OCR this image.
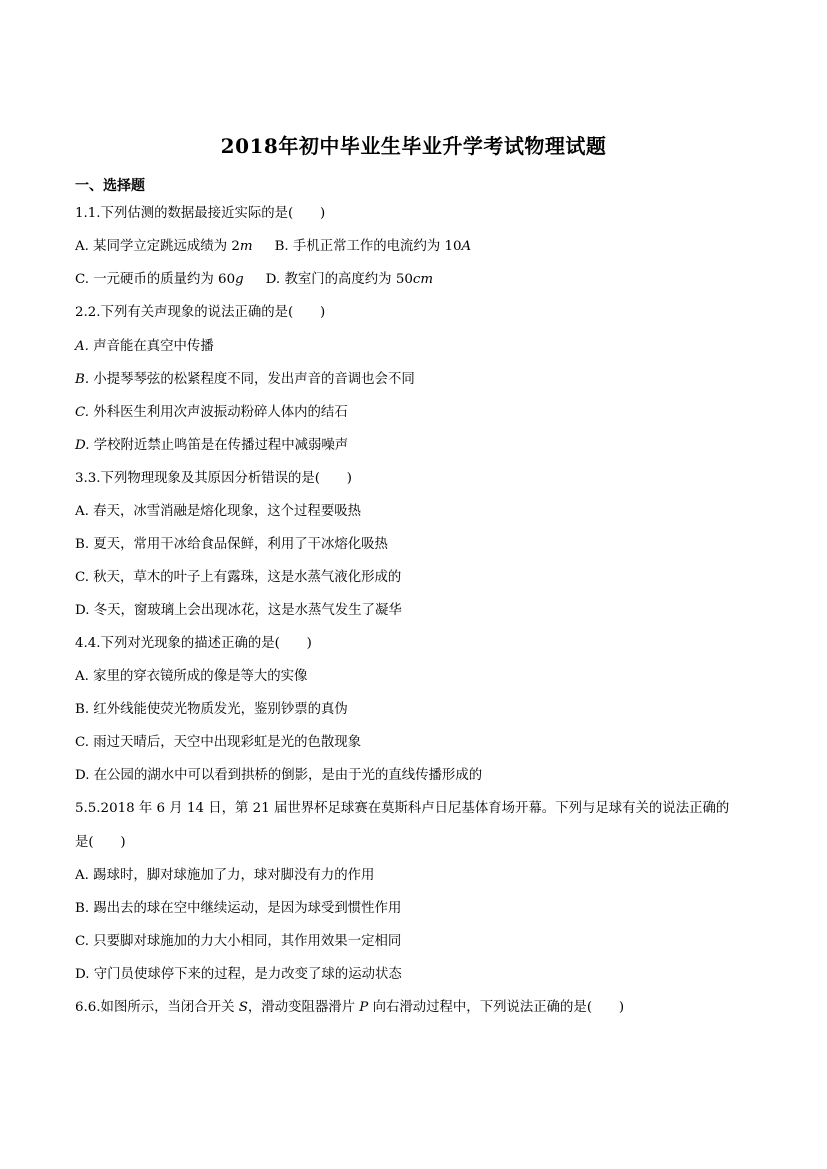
2018年初中毕业生毕业升学考试物理试题
一、选择题
1.1.下列估测的数据最接近实际的是(　　)
A. 某同学立定跳远成绩为 2m B. 手机正常工作的电流约为 10A
C. 一元硬币的质量约为 60g D. 教室门的高度约为 50cm
2.2.下列有关声现象的说法正确的是(　　)
A. 声音能在真空中传播
B. 小提琴琴弦的松紧程度不同，发出声音的音调也会不同
C. 外科医生利用次声波振动粉碎人体内的结石
D. 学校附近禁止鸣笛是在传播过程中减弱噪声
3.3.下列物理现象及其原因分析错误的是(　　)
A. 春天，冰雪消融是熔化现象，这个过程要吸热
B. 夏天，常用干冰给食品保鲜，利用了干冰熔化吸热
C. 秋天，草木的叶子上有露珠，这是水蒸气液化形成的
D. 冬天，窗玻璃上会出现冰花，这是水蒸气发生了凝华
4.4.下列对光现象的描述正确的是(　　)
A. 家里的穿衣镜所成的像是等大的实像
B. 红外线能使荧光物质发光，鉴别钞票的真伪
C. 雨过天晴后，天空中出现彩虹是光的色散现象
D. 在公园的湖水中可以看到拱桥的倒影，是由于光的直线传播形成的
5.5.2018 年 6 月 14 日，第 21 届世界杯足球赛在莫斯科卢日尼基体育场开幕。下列与足球有关的说法正确的
是(　　)
A. 踢球时，脚对球施加了力，球对脚没有力的作用
B. 踢出去的球在空中继续运动，是因为球受到惯性作用
C. 只要脚对球施加的力大小相同，其作用效果一定相同
D. 守门员使球停下来的过程，是力改变了球的运动状态
6.6.如图所示，当闭合开关 S，滑动变阻器滑片 P 向右滑动过程中，下列说法正确的是(　　)
